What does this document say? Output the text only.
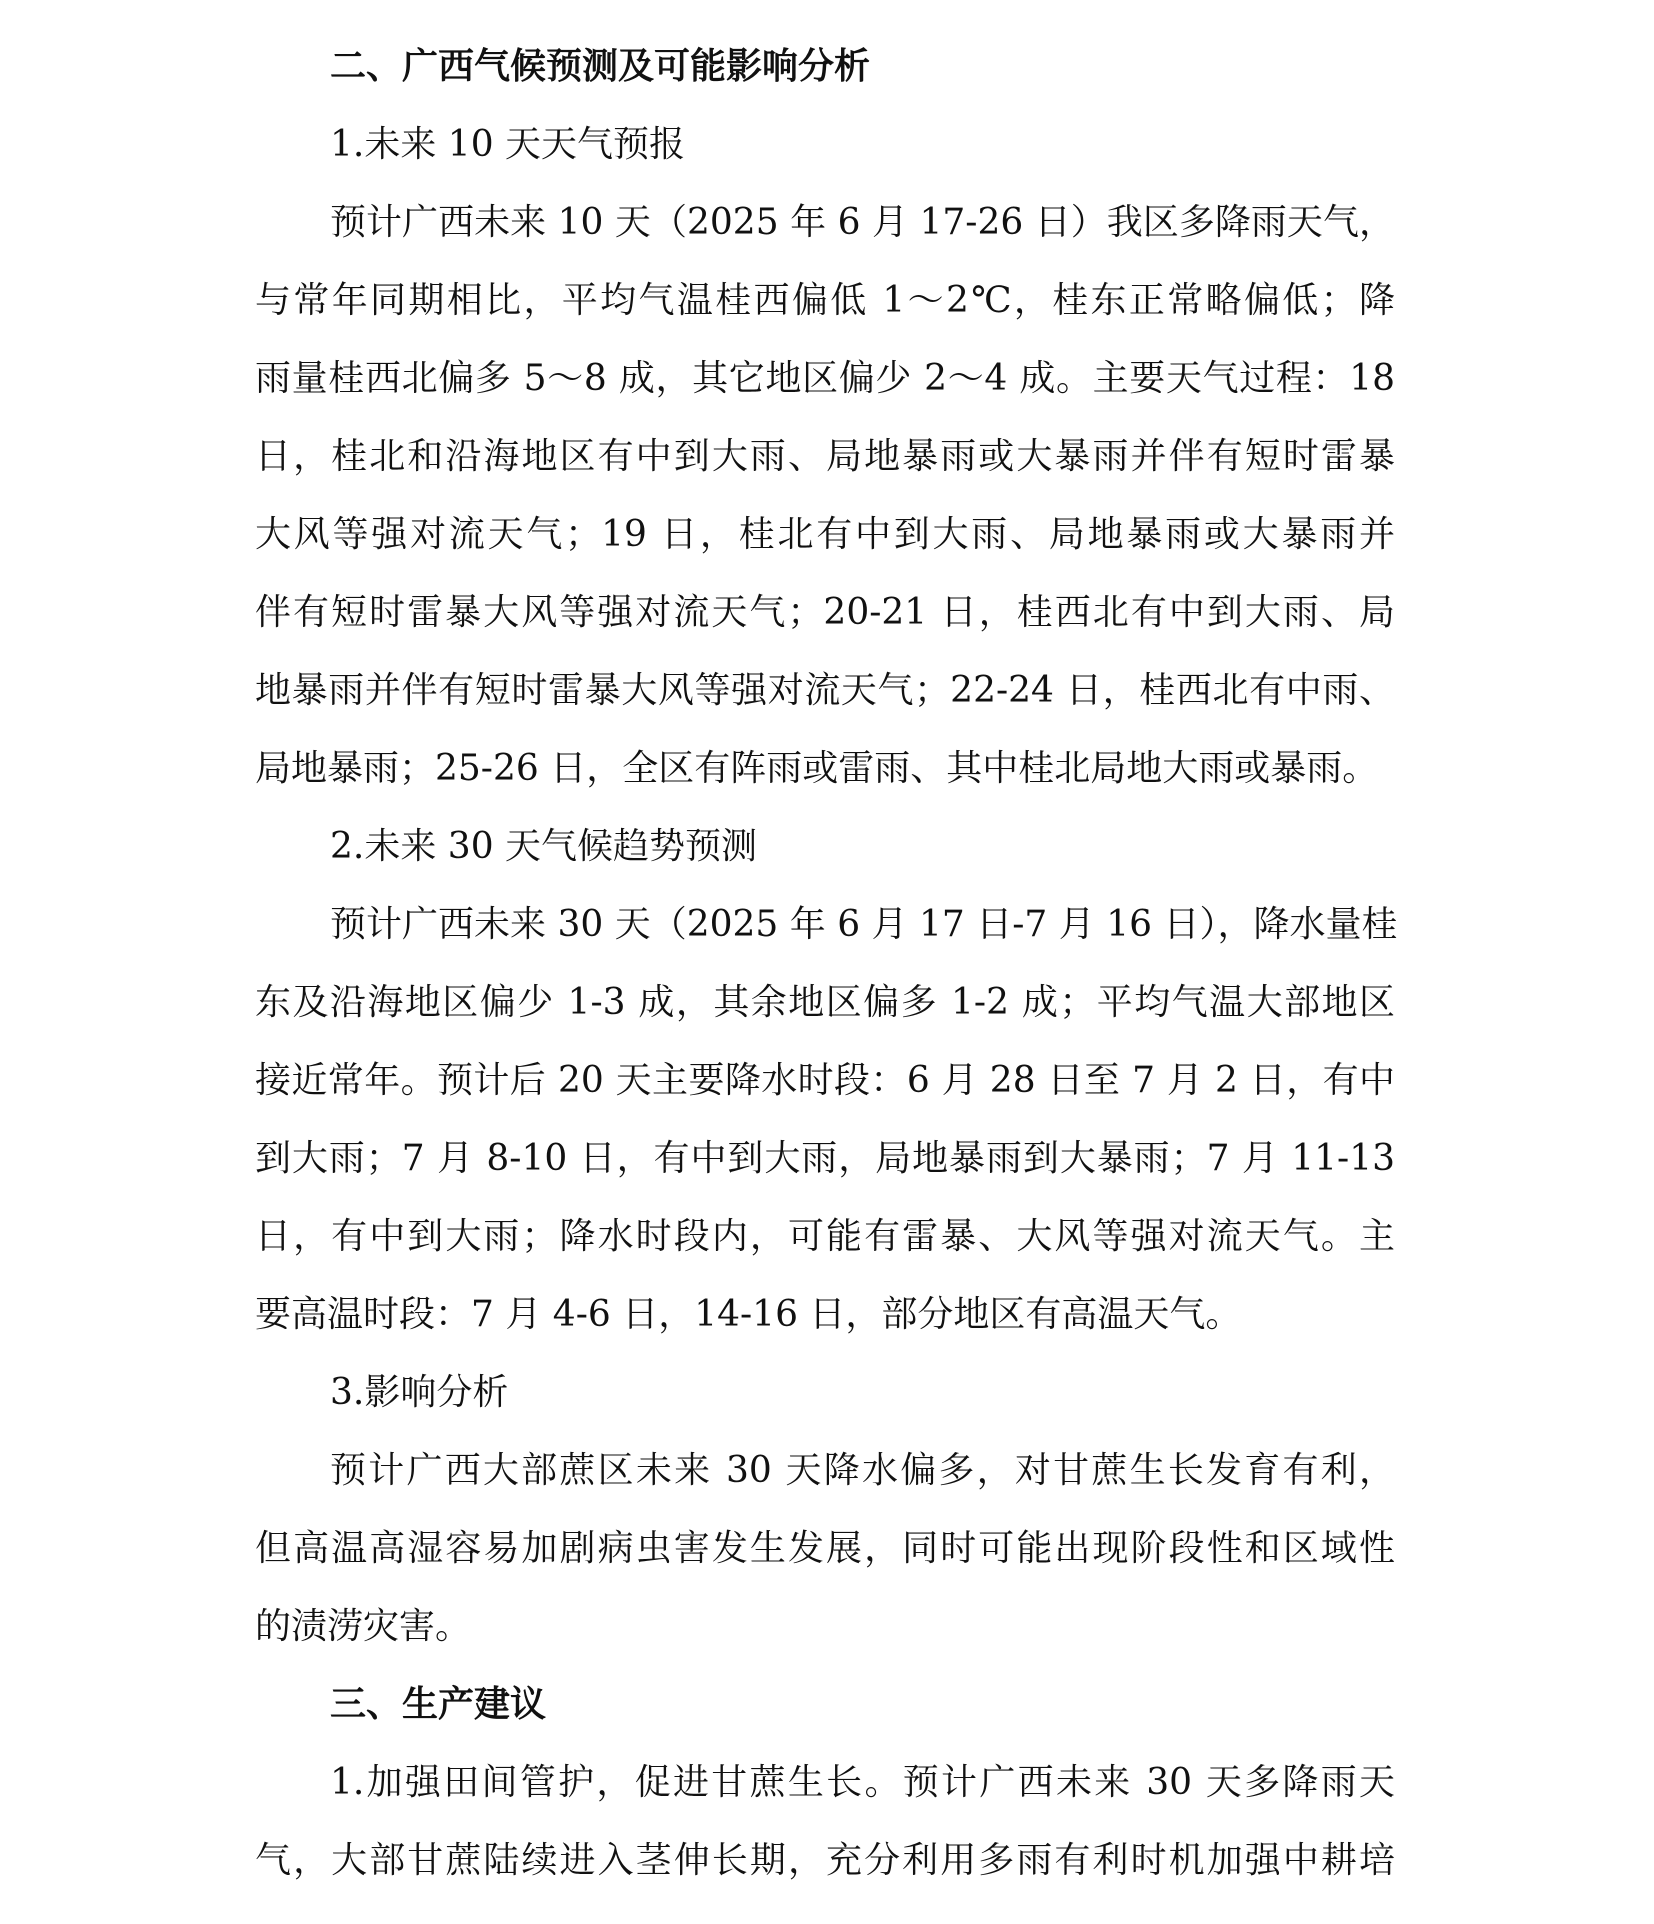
二、广西气候预测及可能影响分析
1.未来 10 天天气预报
预计广西未来 10 天（2025 年 6 月 17-26 日）我区多降雨天气，
与常年同期相比，平均气温桂西偏低 1～2℃，桂东正常略偏低；降
雨量桂西北偏多 5～8 成，其它地区偏少 2～4 成。主要天气过程：18
日，桂北和沿海地区有中到大雨、局地暴雨或大暴雨并伴有短时雷暴
大风等强对流天气；19 日，桂北有中到大雨、局地暴雨或大暴雨并
伴有短时雷暴大风等强对流天气；20-21 日，桂西北有中到大雨、局
地暴雨并伴有短时雷暴大风等强对流天气；22-24 日，桂西北有中雨、
局地暴雨；25-26 日，全区有阵雨或雷雨、其中桂北局地大雨或暴雨。
2.未来 30 天气候趋势预测
预计广西未来 30 天（2025 年 6 月 17 日-7 月 16 日），降水量桂
东及沿海地区偏少 1-3 成，其余地区偏多 1-2 成；平均气温大部地区
接近常年。预计后 20 天主要降水时段：6 月 28 日至 7 月 2 日，有中
到大雨；7 月 8-10 日，有中到大雨，局地暴雨到大暴雨；7 月 11-13
日，有中到大雨；降水时段内，可能有雷暴、大风等强对流天气。主
要高温时段：7 月 4-6 日，14-16 日，部分地区有高温天气。
3.影响分析
预计广西大部蔗区未来 30 天降水偏多，对甘蔗生长发育有利，
但高温高湿容易加剧病虫害发生发展，同时可能出现阶段性和区域性
的渍涝灾害。
三、生产建议
1.加强田间管护，促进甘蔗生长。预计广西未来 30 天多降雨天
气，大部甘蔗陆续进入茎伸长期，充分利用多雨有利时机加强中耕培
